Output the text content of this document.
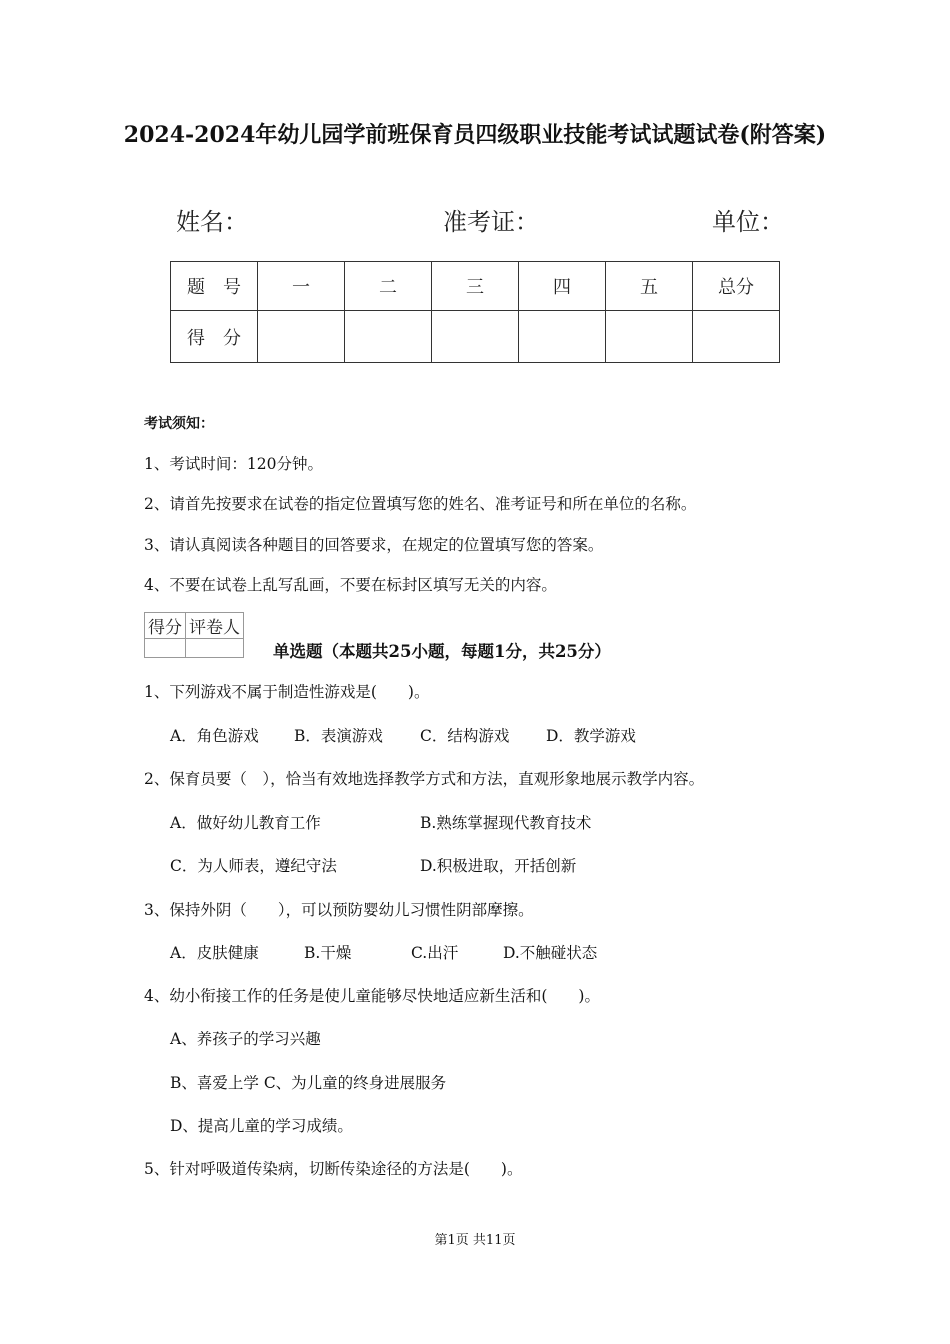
2024-2024年幼儿园学前班保育员四级职业技能考试试题试卷(附答案)
姓名：	准考证：	单位：
题　号	一	二	三	四	五	总分
得　分						
考试须知：
1、考试时间：120分钟。
2、请首先按要求在试卷的指定位置填写您的姓名、准考证号和所在单位的名称。
3、请认真阅读各种题目的回答要求，在规定的位置填写您的答案。
4、不要在试卷上乱写乱画，不要在标封区填写无关的内容。
得分	评卷人

单选题（本题共25小题，每题1分，共25分）
1、下列游戏不属于制造性游戏是(　　)。
A．角色游戏 B．表演游戏 C．结构游戏 D．教学游戏
2、保育员要（　），恰当有效地选择教学方式和方法，直观形象地展示教学内容。
A．做好幼儿教育工作	B.熟练掌握现代教育技术
C．为人师表，遵纪守法	D.积极进取，开括创新
3、保持外阴（　　），可以预防婴幼儿习惯性阴部摩擦。
A．皮肤健康	B.干燥	C.出汗	D.不触碰状态
4、幼小衔接工作的任务是使儿童能够尽快地适应新生活和(　　)。
A、养孩子的学习兴趣
B、喜爱上学 C、为儿童的终身进展服务
D、提高儿童的学习成绩。
5、针对呼吸道传染病，切断传染途径的方法是(　　)。
第1页 共11页
